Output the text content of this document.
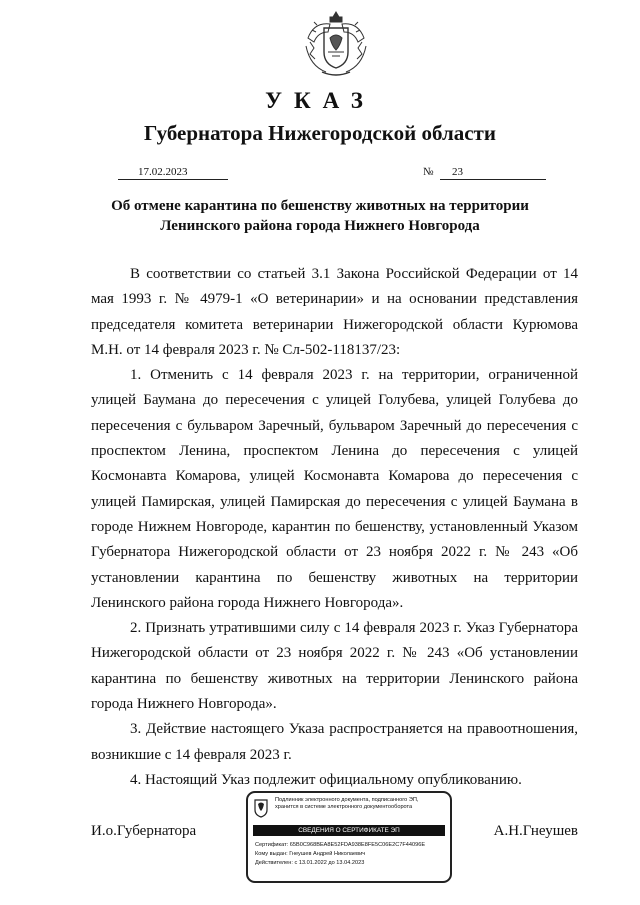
УКАЗ
Губернатора Нижегородской области
17.02.2023	№	23
Об отмене карантина по бешенству животных на территории
Ленинского района города Нижнего Новгорода

В соответствии со статьей 3.1 Закона Российской Федерации от 14 мая 1993 г. № 4979-1 «О ветеринарии» и на основании представления председателя комитета ветеринарии Нижегородской области Курюмова М.Н. от 14 февраля 2023 г. № Сл-502-118137/23:

1. Отменить с 14 февраля 2023 г. на территории, ограниченной улицей Баумана до пересечения с улицей Голубева, улицей Голубева до пересечения с бульваром Заречный, бульваром Заречный до пересечения с проспектом Ленина, проспектом Ленина до пересечения с улицей Космонавта Комарова, улицей Космонавта Комарова до пересечения с улицей Памирская, улицей Памирская до пересечения с улицей Баумана в городе Нижнем Новгороде, карантин по бешенству, установленный Указом Губернатора Нижегородской области от 23 ноября 2022 г. № 243 «Об установлении карантина по бешенству животных на территории Ленинского района города Нижнего Новгорода».

2. Признать утратившими силу с 14 февраля 2023 г. Указ Губернатора Нижегородской области от 23 ноября 2022 г. № 243 «Об установлении карантина по бешенству животных на территории Ленинского района города Нижнего Новгорода».

3. Действие настоящего Указа распространяется на правоотношения, возникшие с 14 февраля 2023 г.

4. Настоящий Указ подлежит официальному опубликованию.

И.о.Губернатора	А.Н.Гнеушев
Подлинник электронного документа, подписанного ЭП,
хранится в системе электронного документооборота
СВЕДЕНИЯ О СЕРТИФИКАТЕ ЭП
Сертификат: 65B0C968BEA8E52FDA938E8FE5C06E2C7F44096E
Кому выдан: Гнеушев Андрей Николаевич
Действителен: с 13.01.2022 до 13.04.2023
